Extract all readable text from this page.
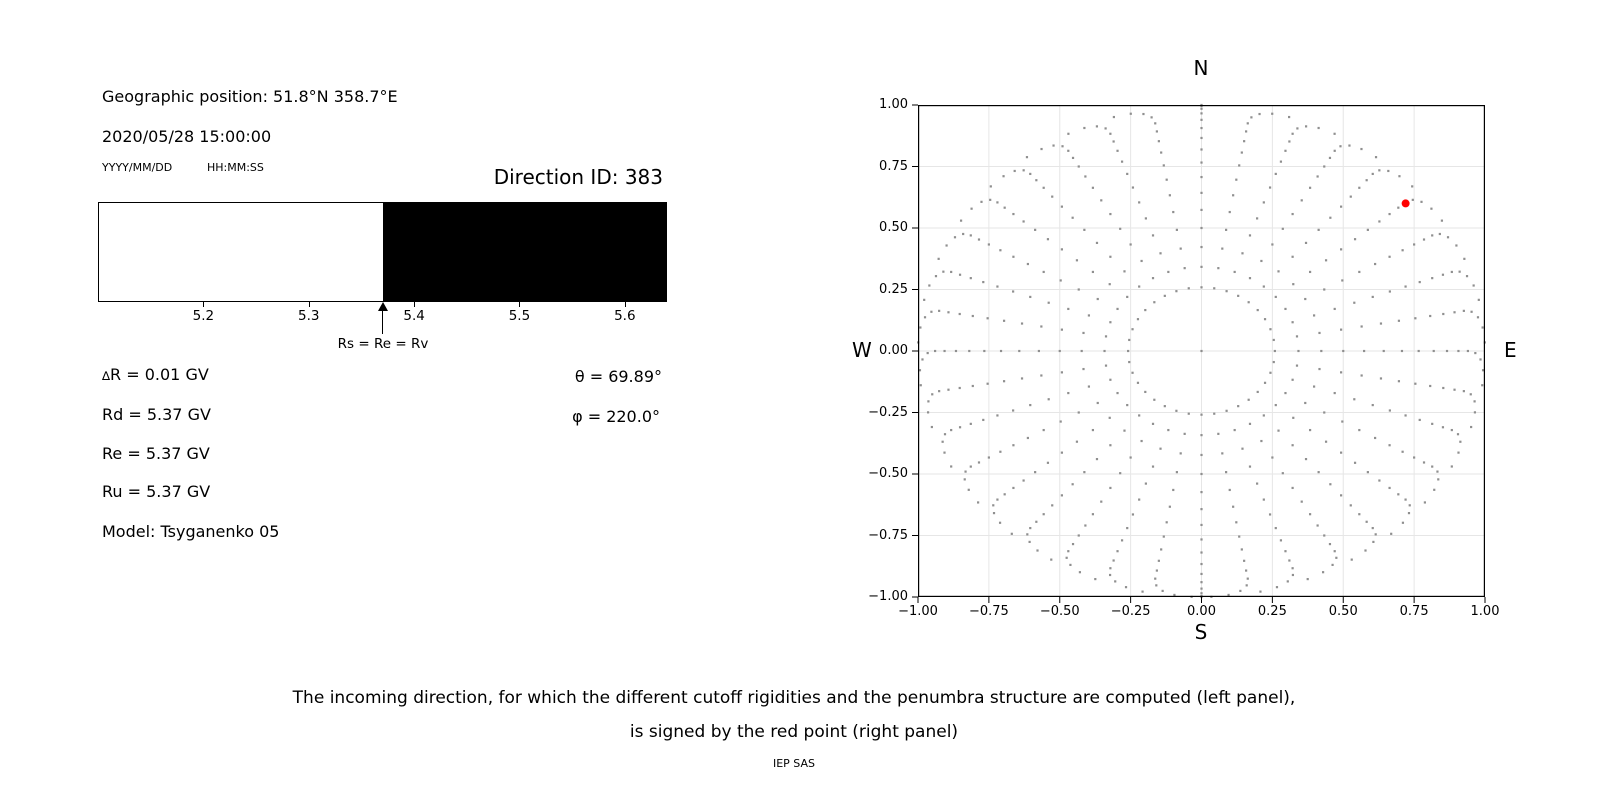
Geographic position: 51.8°N 358.7°E
2020/05/28 15:00:00
YYYY/MM/DD	HH:MM:SS	Direction ID: 383
5.2	5.3	5.4	5.5	5.6
Rs = Re = Rv
∆R = 0.01 GV
Rd = 5.37 GV
Re = 5.37 GV
Ru = 5.37 GV
Model: Tsyganenko 05
θ = 69.89°
φ = 220.0°
N
S
W	E
1.00
0.75
0.50
0.25
0.00
−0.25
−0.50
−0.75
−1.00
−1.00	−0.75	−0.50	−0.25	0.00	0.25	0.50	0.75	1.00
The incoming direction, for which the different cutoff rigidities and the penumbra structure are computed (left panel),
is signed by the red point (right panel)
IEP SAS
